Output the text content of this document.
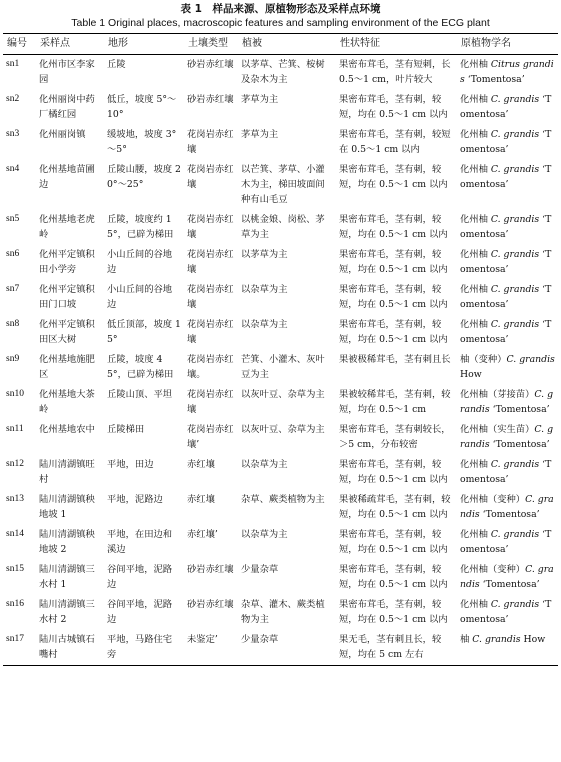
表 1　样品来源、原植物形态及采样点环境

Table 1 Original places, macroscopic features and sampling environment of the ECG plant

编号	采样点	地形	土壤类型	植被	性状特征	原植物学名
sn1	化州市区李家园	丘陵	砂岩赤红壤	以茅草、芒箕、桉树及杂木为主	果密布茸毛，茎有短刺，长 0.5～1 cm，叶片较大	化州柚 Citrus grandis ‘Tomentosa’
sn2	化州丽岗中药厂橘红园	低丘，坡度 5°～10°	砂岩赤红壤	茅草为主	果密布茸毛，茎有刺，较短，均在 0.5～1 cm 以内	化州柚 C. grandis ‘Tomentosa’
sn3	化州丽岗镇	缓坡地，坡度 3°～5°	花岗岩赤红壤	茅草为主	果密布茸毛，茎有刺，较短在 0.5～1 cm 以内	化州柚 C. grandis ‘Tomentosa’
sn4	化州基地苗圃边	丘陵山腰，坡度 20°～25°	花岗岩赤红壤	以芒箕、茅草、小灌木为主，梯田坡面间种有山毛豆	果密布茸毛，茎有刺，较短，均在 0.5～1 cm 以内	化州柚 C. grandis ‘Tomentosa’
sn5	化州基地老虎岭	丘陵，坡度约 15°，已辟为梯田	花岗岩赤红壤	以桃金娘、岗松、茅草为主	果密布茸毛，茎有刺，较短，均在 0.5～1 cm 以内	化州柚 C. grandis ‘Tomentosa’
sn6	化州平定镇积田小学旁	小山丘间的谷地边	花岗岩赤红壤	以茅草为主	果密布茸毛，茎有刺，较短，均在 0.5～1 cm 以内	化州柚 C. grandis ‘Tomentosa’
sn7	化州平定镇积田门口坡	小山丘间的谷地边	花岗岩赤红壤	以杂草为主	果密布茸毛，茎有刺，较短，均在 0.5～1 cm 以内	化州柚 C. grandis ‘Tomentosa’
sn8	化州平定镇积田区大树	低丘顶部，坡度 15°	花岗岩赤红壤	以杂草为主	果密布茸毛，茎有刺，较短，均在 0.5～1 cm 以内	化州柚 C. grandis ‘Tomentosa’
sn9	化州基地施肥区	丘陵，坡度 45°，已辟为梯田	花岗岩赤红壤。	芒箕、小灌木、灰叶豆为主	果被极稀茸毛，茎有刺且长	柚（变种）C. grandis How
sn10	化州基地大茶岭	丘陵山顶、平坦	花岗岩赤红壤	以灰叶豆、杂草为主	果被较稀茸毛，茎有刺，较短，均在 0.5～1 cm	化州柚（芽接苗）C. grandis ‘Tomentosa’
sn11	化州基地农中	丘陵梯田	花岗岩赤红壤’	以灰叶豆、杂草为主	果密布茸毛，茎有刺较长，＞5 cm，分布较密	化州柚（实生苗）C. grandis ‘Tomentosa’
sn12	陆川清湖镇旺村	平地，田边	赤红壤	以杂草为主	果密布茸毛，茎有刺，较短，均在 0.5～1 cm 以内	化州柚 C. grandis ‘Tomentosa’
sn13	陆川清湖镇秧地坡 1	平地，泥路边	赤红壤	杂草、蕨类植物为主	果被稀疏茸毛，茎有刺，较短，均在 0.5～1 cm 以内	化州柚（变种）C. grandis ‘Tomentosa’
sn14	陆川清湖镇秧地坡 2	平地，在田边和溪边	赤红壤’	以杂草为主	果密布茸毛，茎有刺，较短，均在 0.5～1 cm 以内	化州柚 C. grandis ‘Tomentosa’
sn15	陆川清湖镇三水村 1	谷间平地，泥路边	砂岩赤红壤	少量杂草	果密布茸毛，茎有刺，较短，均在 0.5～1 cm 以内	化州柚（变种）C. grandis ‘Tomentosa’
sn16	陆川清湖镇三水村 2	谷间平地，泥路边	砂岩赤红壤	杂草、灌木、蕨类植物为主	果密布茸毛，茎有刺，较短，均在 0.5～1 cm 以内	化州柚 C. grandis ‘Tomentosa’
sn17	陆川古城镇石嘴村	平地，马路住宅旁	未鉴定’	少量杂草	果无毛，茎有刺且长，较短，均在 5 cm 左右	柚 C. grandis How
